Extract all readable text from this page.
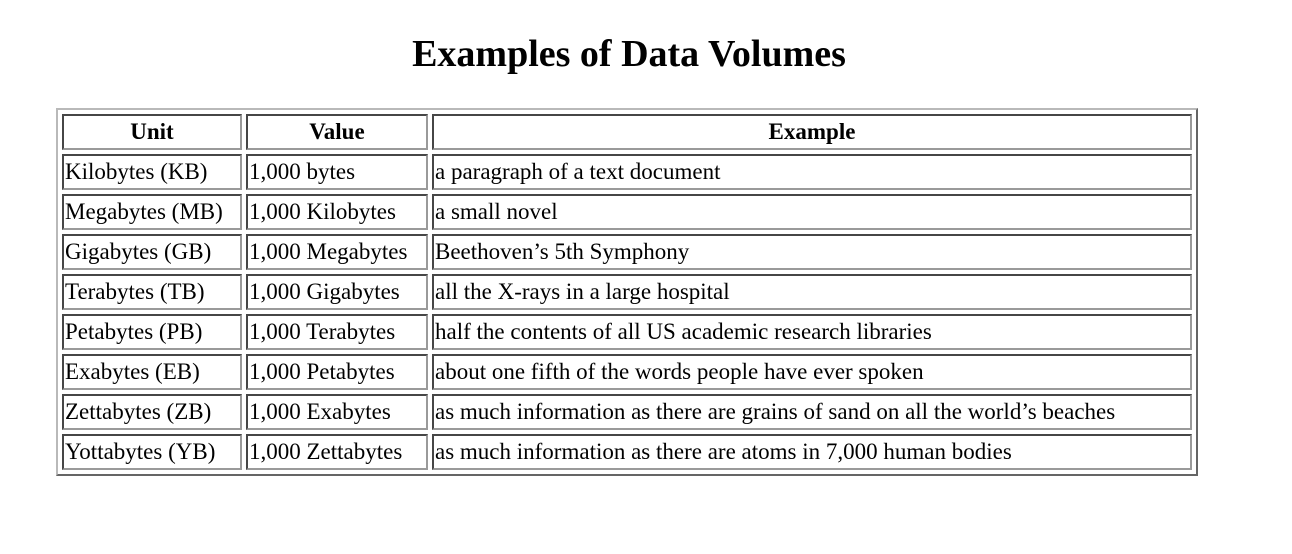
Examples of Data Volumes
Unit	Value	Example
Kilobytes (KB)	1,000 bytes	a paragraph of a text document
Megabytes (MB)	1,000 Kilobytes	a small novel
Gigabytes (GB)	1,000 Megabytes	Beethoven’s 5th Symphony
Terabytes (TB)	1,000 Gigabytes	all the X-rays in a large hospital
Petabytes (PB)	1,000 Terabytes	half the contents of all US academic research libraries
Exabytes (EB)	1,000 Petabytes	about one fifth of the words people have ever spoken
Zettabytes (ZB)	1,000 Exabytes	as much information as there are grains of sand on all the world’s beaches
Yottabytes (YB)	1,000 Zettabytes	as much information as there are atoms in 7,000 human bodies
